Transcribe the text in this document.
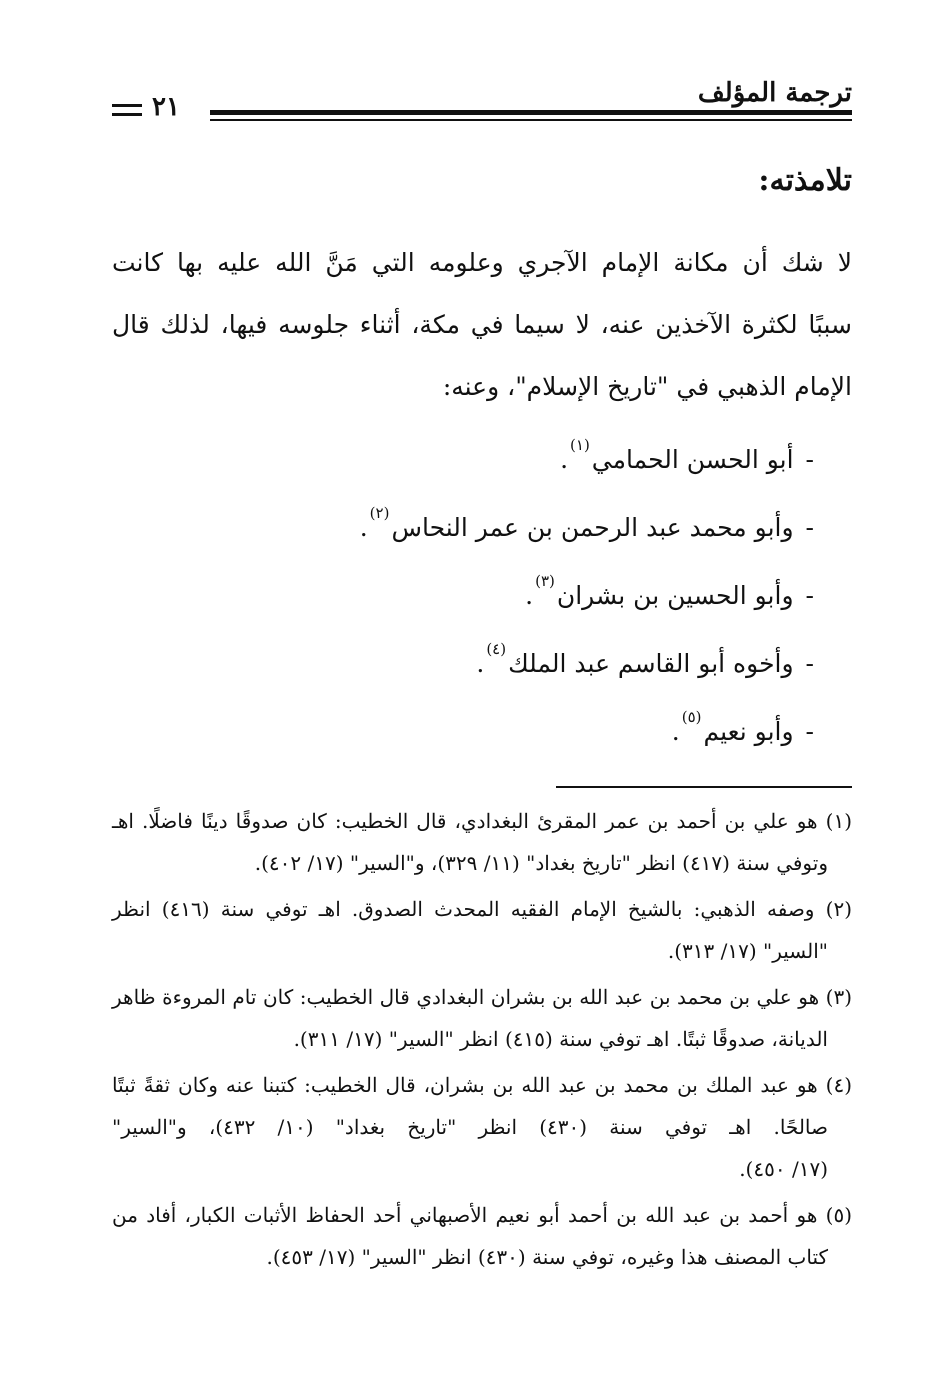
ترجمة المؤلف
٢١
تلامذته:
لا شك أن مكانة الإمام الآجري وعلومه التي مَنَّ الله عليه بها كانت
سببًا لكثرة الآخذين عنه، لا سيما في مكة، أثناء جلوسه فيها، لذلك قال
الإمام الذهبي في "تاريخ الإسلام"، وعنه:
-أبو الحسن الحمامي$^{(١)}$.
-وأبو محمد عبد الرحمن بن عمر النحاس$^{(٢)}$.
-وأبو الحسين بن بشران$^{(٣)}$.
-وأخوه أبو القاسم عبد الملك$^{(٤)}$.
-وأبو نعيم$^{(٥)}$.
(١) هو علي بن أحمد بن عمر المقرئ البغدادي، قال الخطيب: كان صدوقًا دينًا فاضلًا. اهـ
وتوفي سنة (٤١٧) انظر "تاريخ بغداد" (١١/ ٣٢٩)، و"السير" (١٧/ ٤٠٢).
(٢) وصفه الذهبي: بالشيخ الإمام الفقيه المحدث الصدوق. اهـ توفي سنة (٤١٦) انظر
"السير" (١٧/ ٣١٣).
(٣) هو علي بن محمد بن عبد الله بن بشران البغدادي قال الخطيب: كان تام المروءة ظاهر
الديانة، صدوقًا ثبتًا. اهـ توفي سنة (٤١٥) انظر "السير" (١٧/ ٣١١).
(٤) هو عبد الملك بن محمد بن عبد الله بن بشران، قال الخطيب: كتبنا عنه وكان ثقةً ثبتًا
صالحًا. اهـ توفي سنة (٤٣٠) انظر "تاريخ بغداد" (١٠/ ٤٣٢)، و"السير"
(١٧/ ٤٥٠).
(٥) هو أحمد بن عبد الله بن أحمد أبو نعيم الأصبهاني أحد الحفاظ الأثبات الكبار، أفاد من
كتاب المصنف هذا وغيره، توفي سنة (٤٣٠) انظر "السير" (١٧/ ٤٥٣).
